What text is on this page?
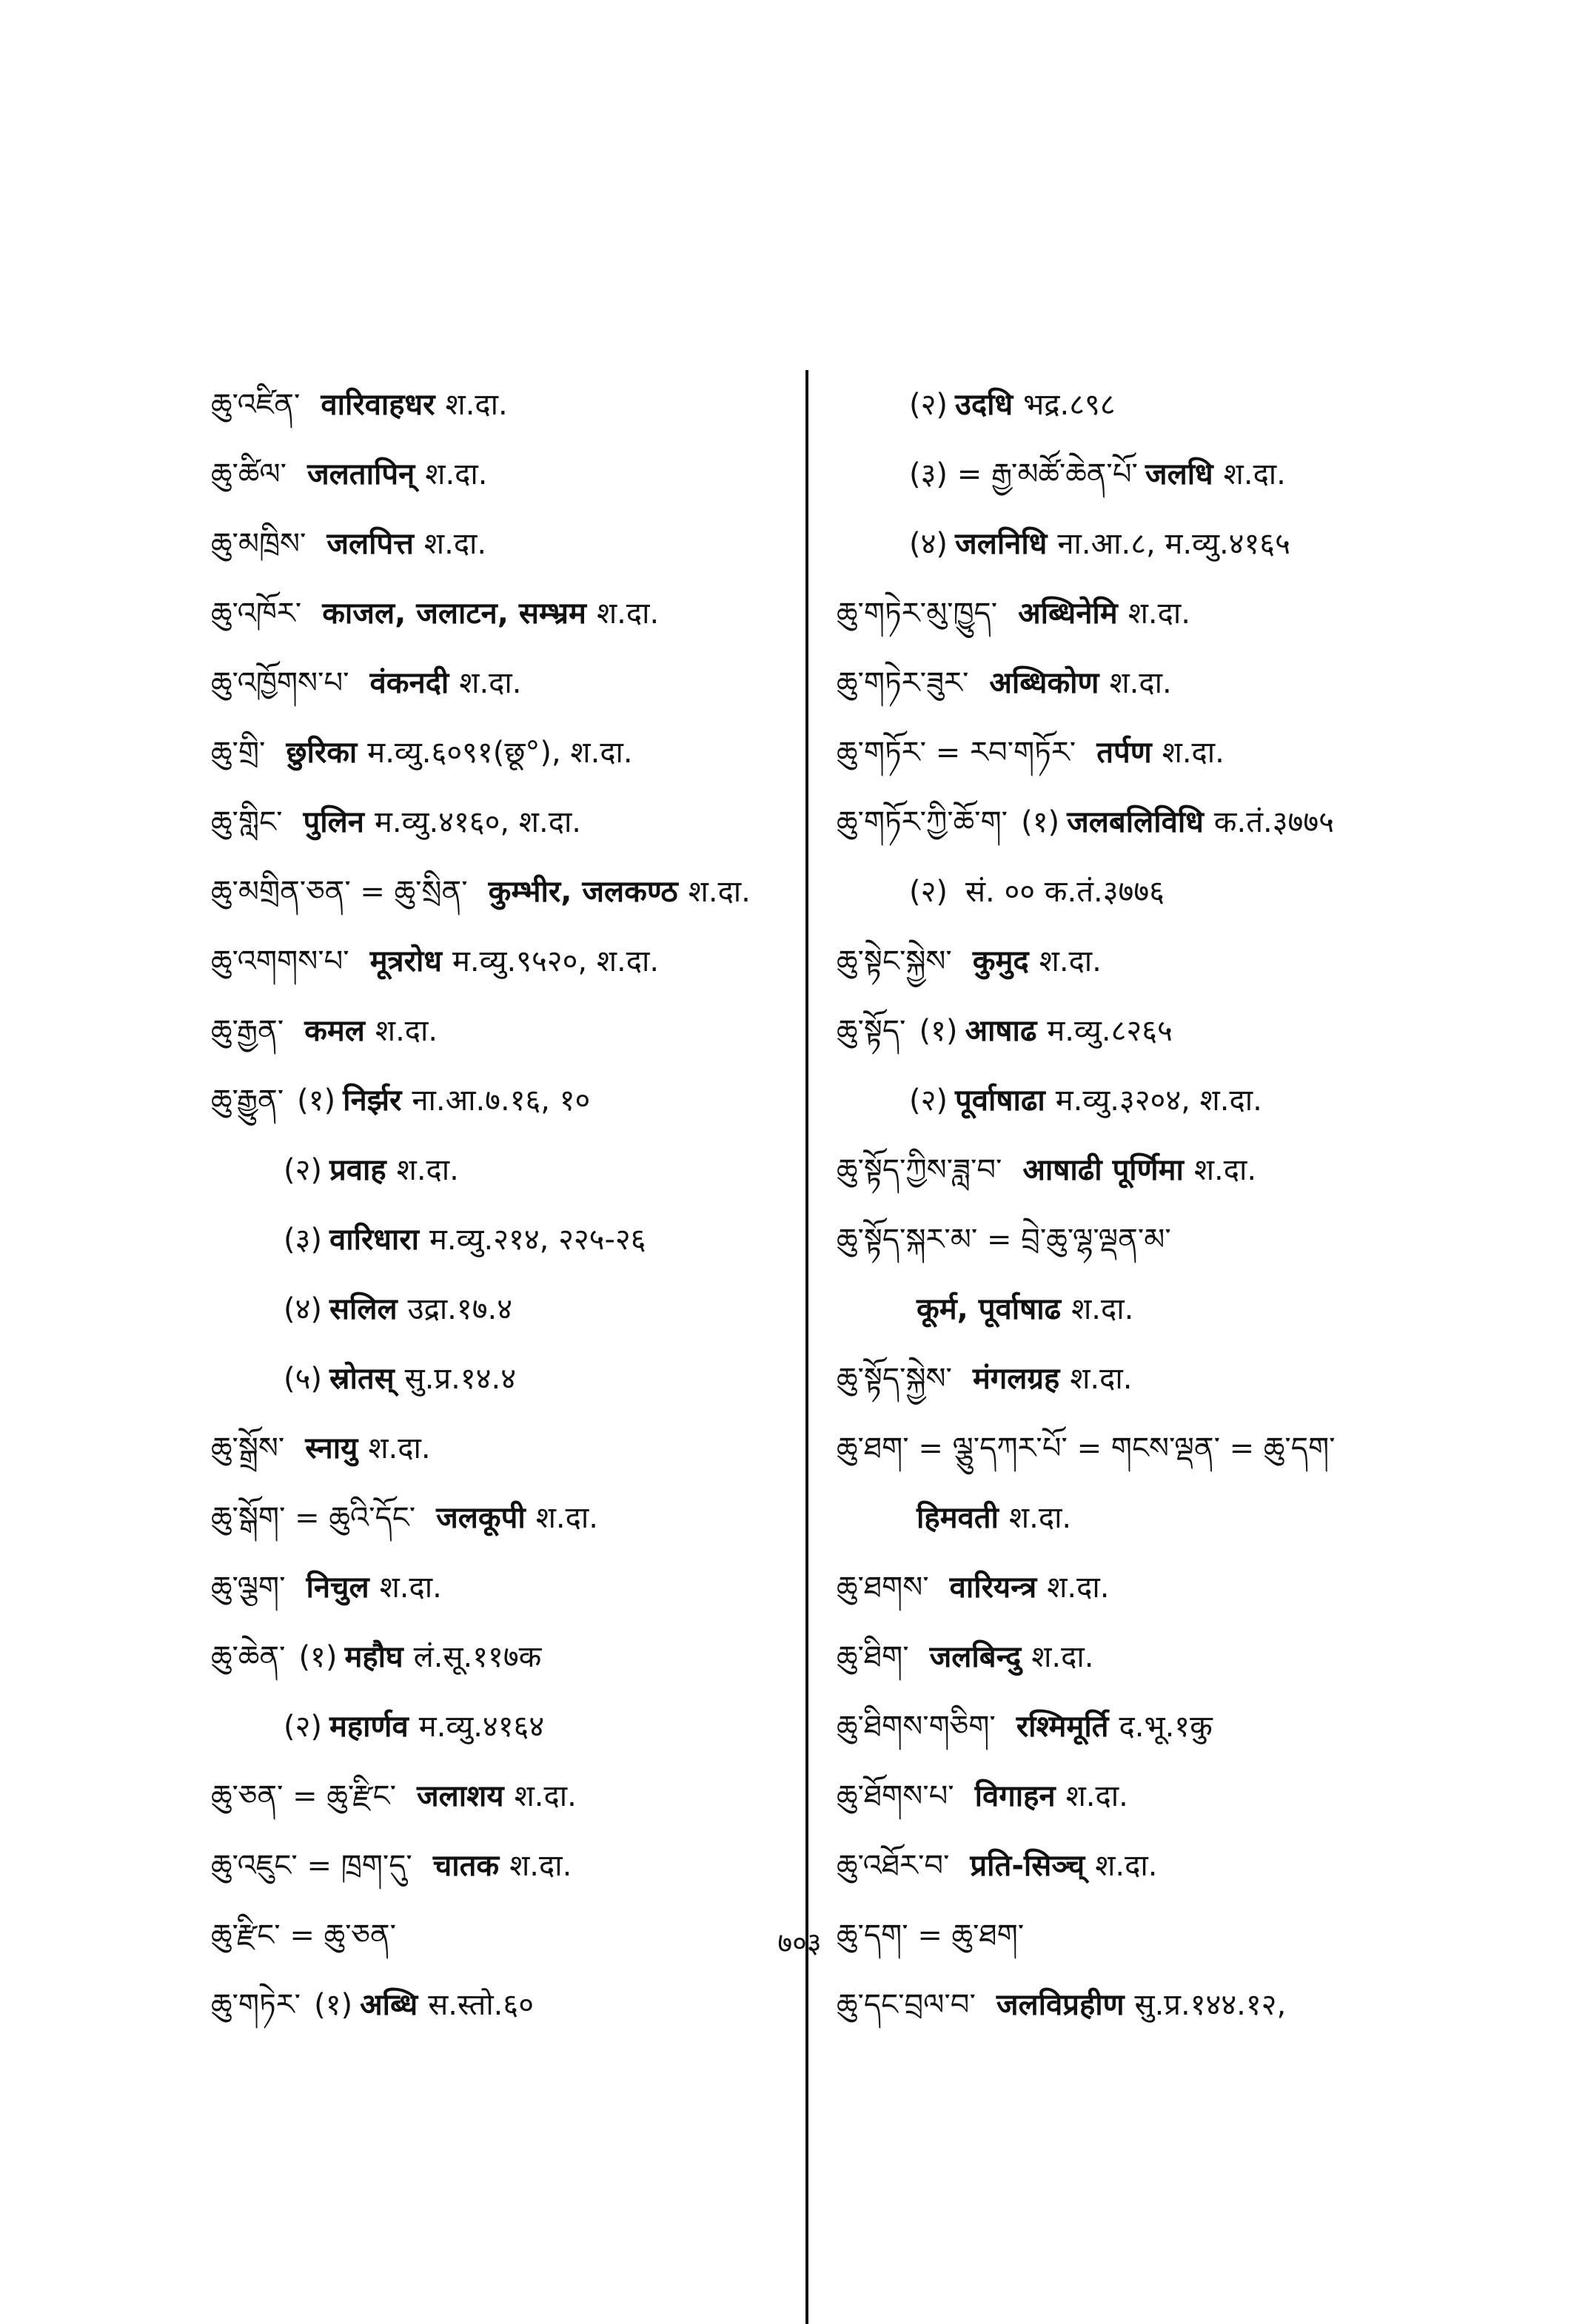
ཆུ་འཛིན་ वारिवाहधर श.दा.
ཆུ་ཚིལ་ जलतापिन् श.दा.
ཆུ་མཁྲིས་ जलपित्त श.दा.
ཆུ་འཁོར་ काजल, जलाटन, सम्भ्रम श.दा.
ཆུ་འཁྱོགས་པ་ वंकनदी श.दा.
ཆུ་གྲི་ छुरिका म.व्यु.६०९१(छू°), श.दा.
ཆུ་གླིང་ पुलिन म.व्यु.४१६०, श.दा.
ཆུ་མགྲིན་ཅན་ = ཆུ་སྲིན་ कुम्भीर, जलकण्ठ श.दा.
ཆུ་འགགས་པ་ मूत्ररोध म.व्यु.९५२०, श.दा.
ཆུ་རྒྱན་ कमल श.दा.
ཆུ་རྒྱུན་ (१) निर्झर ना.आ.७.१६, १०
(२) प्रवाह श.दा.
(३) वारिधारा म.व्यु.२१४, २२५-२६
(४) सलिल उद्रा.१७.४
(५) स्रोतस् सु.प्र.१४.४
ཆུ་སྒྲོས་ स्नायु श.दा.
ཆུ་སྒོག་ = ཆུའི་དོང་ जलकूपी श.दा.
ཆུ་ལྕག་ निचुल श.दा.
ཆུ་ཆེན་ (१) महौघ लं.सू.११७क
(२) महार्णव म.व्यु.४१६४
ཆུ་ཅན་ = ཆུ་རྫིང་ जलाशय श.दा.
ཆུ་འཇུང་ = ཁྲག་དུ་ चातक श.दा.
ཆུ་རྫིང་ = ཆུ་ཅན་
ཆུ་གཏེར་ (१) अब्धि स.स्तो.६०
(२) उदधि भद्र.८९८
(३) = རྒྱ་མཚོ་ཆེན་པོ་ जलधि श.दा.
(४) जलनिधि ना.आ.८, म.व्यु.४१६५
ཆུ་གཏེར་མུ་ཁྱུད་ अब्धिनेमि श.दा.
ཆུ་གཏེར་ཟུར་ अब्धिकोण श.दा.
ཆུ་གཏོར་ = རབ་གཏོར་ तर्पण श.दा.
ཆུ་གཏོར་ཀྱི་ཆོ་ག་ (१) जलबलिविधि क.तं.३७७५
(२) सं. ०० क.तं.३७७६
ཆུ་སྟེང་སྐྱེས་ कुमुद श.दा.
ཆུ་སྟོད་ (१) आषाढ म.व्यु.८२६५
(२) पूर्वाषाढा म.व्यु.३२०४, श.दा.
ཆུ་སྟོད་ཀྱིས་ཟླ་བ་ आषाढी पूर्णिमा श.दा.
ཆུ་སྟོད་སྐར་མ་ = བྲེ་ཆུ་ལྷ་ལྡན་མ་
कूर्म, पूर्वाषाढ श.दा.
ཆུ་སྟོད་སྐྱེས་ मंगलग्रह श.दा.
ཆུ་ཐག་ = ལྕུ་དཀར་པོ་ = གངས་ལྡན་ = ཆུ་དག་
हिमवती श.दा.
ཆུ་ཐགས་ वारियन्त्र श.दा.
ཆུ་ཐིག་ जलबिन्दु श.दा.
ཆུ་ཐིགས་གཅིག་ रश्मिमूर्ति द.भू.१कु
ཆུ་ཐོགས་པ་ विगाहन श.दा.
ཆུ་འཐོར་བ་ प्रति-सिञ्च् श.दा.
ཆུ་དག་ = ཆུ་ཐག་
ཆུ་དང་བྲལ་བ་ जलविप्रहीण सु.प्र.१४४.१२,
७०३
